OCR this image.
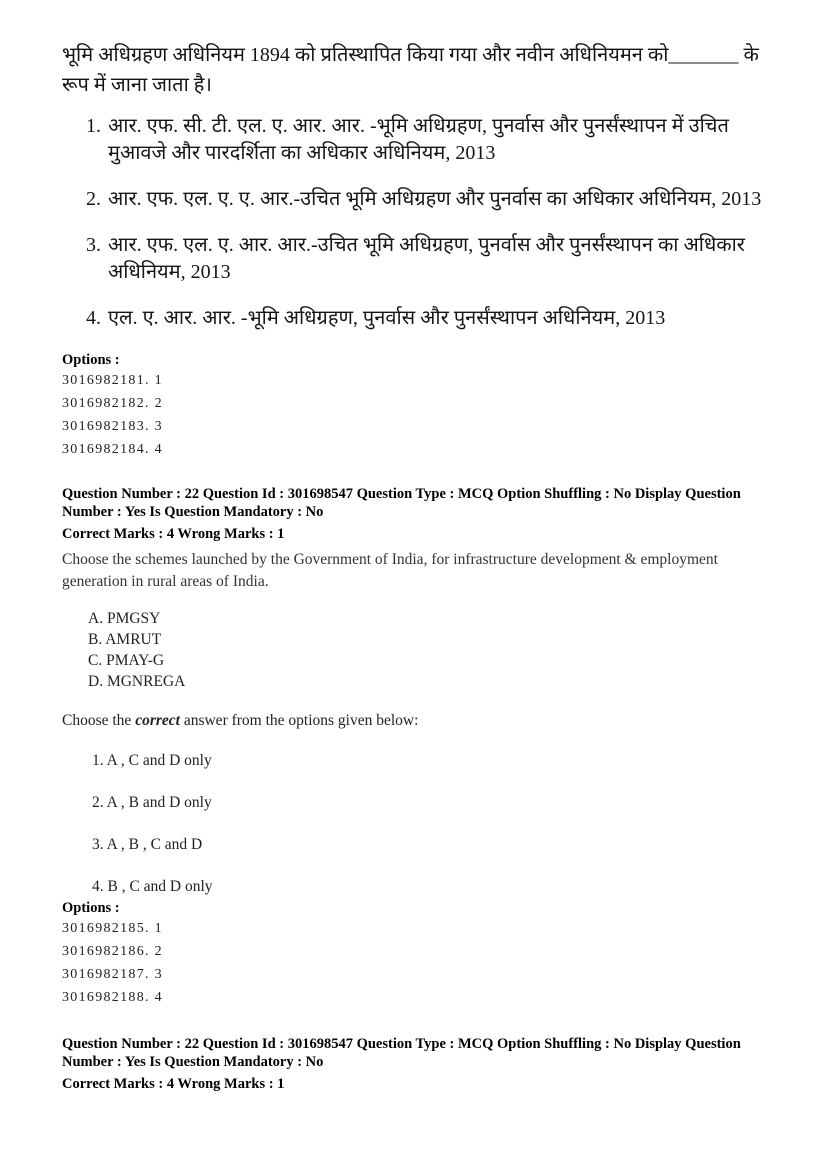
भूमि अधिग्रहण अधिनियम 1894 को प्रतिस्थापित किया गया और नवीन अधिनियमन को_______ के रूप में जाना जाता है।
1. आर. एफ. सी. टी. एल. ए. आर. आर. -भूमि अधिग्रहण, पुनर्वास और पुनर्संस्थापन में उचित मुआवजे और पारदर्शिता का अधिकार अधिनियम, 2013
2. आर. एफ. एल. ए. ए. आर.-उचित भूमि अधिग्रहण और पुनर्वास का अधिकार अधिनियम, 2013
3. आर. एफ. एल. ए. आर. आर.-उचित भूमि अधिग्रहण, पुनर्वास और पुनर्संस्थापन का अधिकार अधिनियम, 2013
4. एल. ए. आर. आर. -भूमि अधिग्रहण, पुनर्वास और पुनर्संस्थापन अधिनियम, 2013
Options :
3016982181. 1
3016982182. 2
3016982183. 3
3016982184. 4
Question Number : 22 Question Id : 301698547 Question Type : MCQ Option Shuffling : No Display Question Number : Yes Is Question Mandatory : No
Correct Marks : 4 Wrong Marks : 1
Choose the schemes launched by the Government of India, for infrastructure development & employment generation in rural areas of India.
A. PMGSY
B. AMRUT
C. PMAY-G
D. MGNREGA
Choose the correct answer from the options given below:
1. A , C and D only
2. A , B and D only
3. A , B , C and D
4. B , C and D only
Options :
3016982185. 1
3016982186. 2
3016982187. 3
3016982188. 4
Question Number : 22 Question Id : 301698547 Question Type : MCQ Option Shuffling : No Display Question Number : Yes Is Question Mandatory : No
Correct Marks : 4 Wrong Marks : 1
